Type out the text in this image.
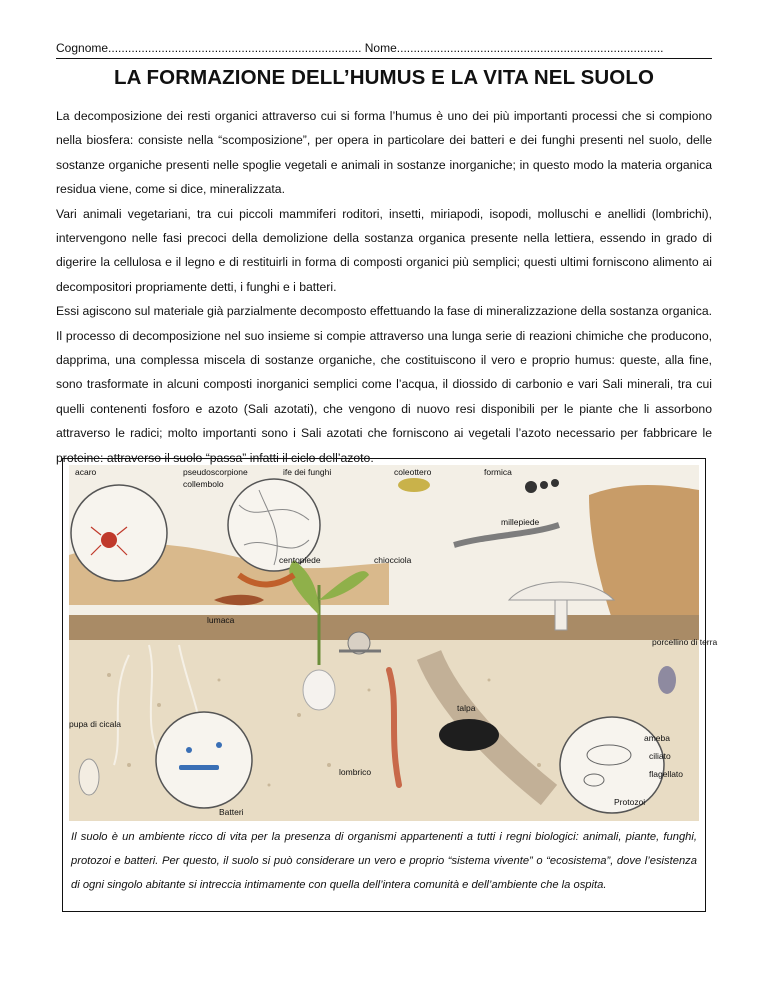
Cognome............................................................................ Nome................................................................................
LA FORMAZIONE DELL’HUMUS E LA VITA NEL SUOLO

La decomposizione dei resti organici attraverso cui si forma l’humus è uno dei più importanti processi che si compiono nella biosfera: consiste nella “scomposizione”, per opera in particolare dei batteri e dei funghi presenti nel suolo, delle sostanze organiche presenti nelle spoglie vegetali e animali in sostanze inorganiche; in questo modo la materia organica residua viene, come si dice, mineralizzata.

Vari animali vegetariani, tra cui piccoli mammiferi roditori, insetti, miriapodi, isopodi, molluschi e anellidi (lombrichi), intervengono nelle fasi precoci della demolizione della sostanza organica presente nella lettiera, essendo in grado di digerire la cellulosa e il legno e di restituirli in forma di composti organici più semplici; questi ultimi forniscono alimento ai decompositori propriamente detti, i funghi e i batteri.

Essi agiscono sul materiale già parzialmente decomposto effettuando la fase di mineralizzazione della sostanza organica. Il processo di decomposizione nel suo insieme si compie attraverso una lunga serie di reazioni chimiche che producono, dapprima, una complessa miscela di sostanze organiche, che costituiscono il vero e proprio humus: queste, alla fine, sono trasformate in alcuni composti inorganici semplici come l’acqua, il diossido di carbonio e vari Sali minerali, tra cui quelli contenenti fosforo e azoto (Sali azotati), che vengono di nuovo resi disponibili per le piante che li assorbono attraverso le radici; molto importanti sono i Sali azotati che forniscono ai vegetali l’azoto necessario per fabbricare le proteine: attraverso il suolo “passa” infatti il ciclo dell’azoto.

acaro	pseudoscorpione
collembolo
ife dei funghi	coleottero	formica
millepiede
centopiede	chiocciola
lumaca
porcellino di terra
pupa di cicala
talpa
lombrico
Batteri
ameba
ciliato
flagellato
Protozoi
Il suolo è un ambiente ricco di vita per la presenza di organismi appartenenti a tutti i regni biologici: animali, piante, funghi, protozoi e batteri. Per questo, il suolo si può considerare un vero e proprio “sistema vivente” o “ecosistema”, dove l’esistenza di ogni singolo abitante si intreccia intimamente con quella dell’intera comunità e dell’ambiente che la ospita.
